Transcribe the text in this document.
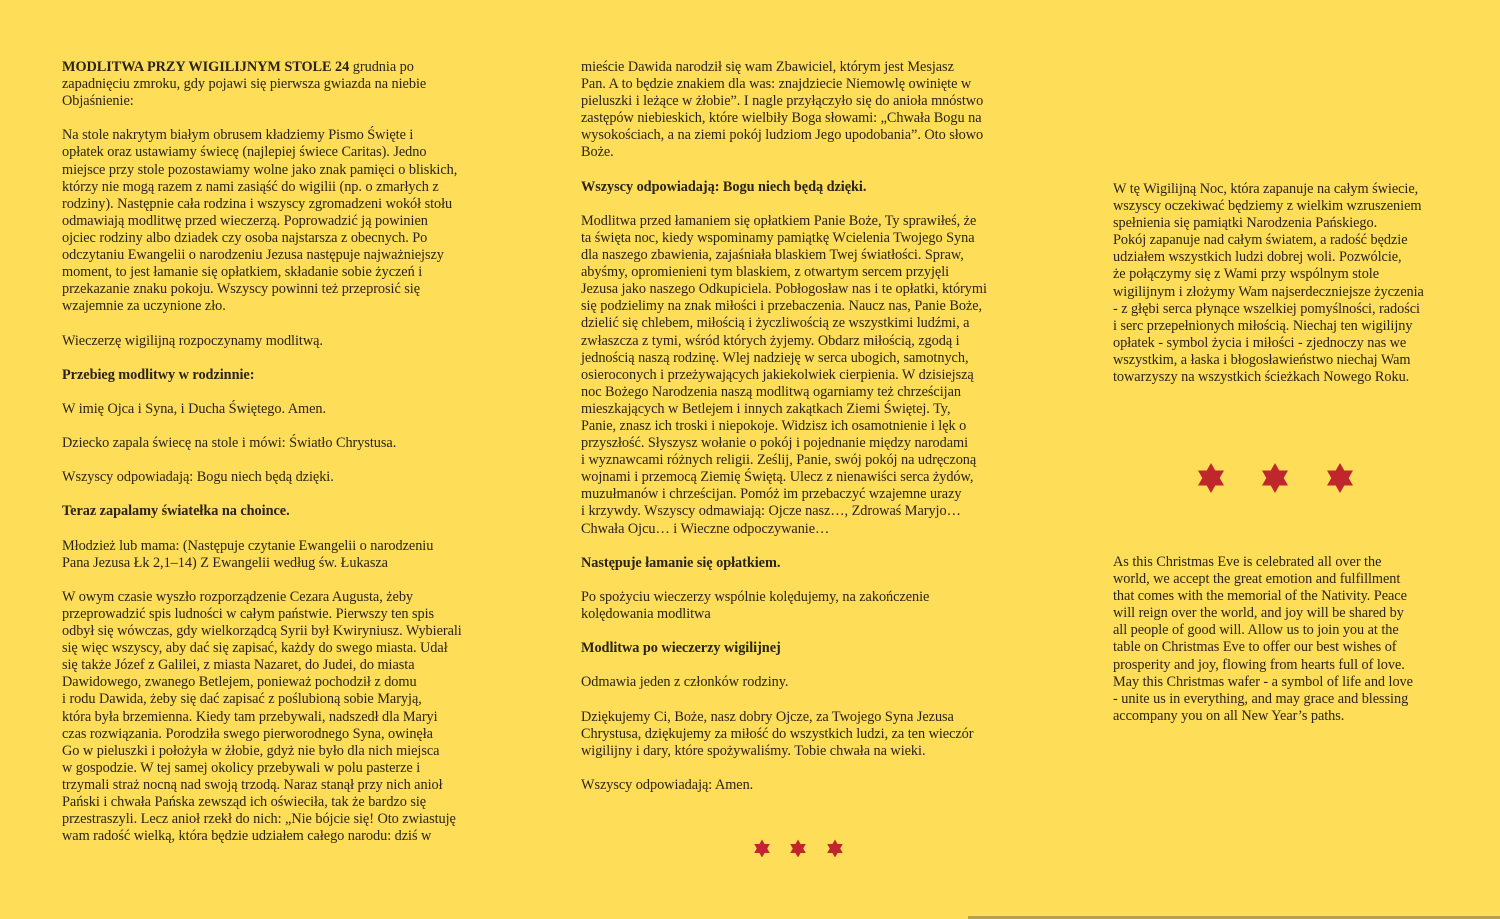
MODLITWA PRZY WIGILIJNYM STOLE 24 grudnia po
zapadnięciu zmroku, gdy pojawi się pierwsza gwiazda na niebie
Objaśnienie:

Na stole nakrytym białym obrusem kładziemy Pismo Święte i
opłatek oraz ustawiamy świecę (najlepiej świece Caritas). Jedno
miejsce przy stole pozostawiamy wolne jako znak pamięci o bliskich,
którzy nie mogą razem z nami zasiąść do wigilii (np. o zmarłych z
rodziny). Następnie cała rodzina i wszyscy zgromadzeni wokół stołu
odmawiają modlitwę przed wieczerzą. Poprowadzić ją powinien
ojciec rodziny albo dziadek czy osoba najstarsza z obecnych. Po
odczytaniu Ewangelii o narodzeniu Jezusa następuje najważniejszy
moment, to jest łamanie się opłatkiem, składanie sobie życzeń i
przekazanie znaku pokoju. Wszyscy powinni też przeprosić się
wzajemnie za uczynione zło.

Wieczerzę wigilijną rozpoczynamy modlitwą.

Przebieg modlitwy w rodzinnie:

W imię Ojca i Syna, i Ducha Świętego. Amen.

Dziecko zapala świecę na stole i mówi: Światło Chrystusa.

Wszyscy odpowiadają: Bogu niech będą dzięki.

Teraz zapalamy światełka na choince.

Młodzież lub mama: (Następuje czytanie Ewangelii o narodzeniu
Pana Jezusa Łk 2,1–14) Z Ewangelii według św. Łukasza

W owym czasie wyszło rozporządzenie Cezara Augusta, żeby
przeprowadzić spis ludności w całym państwie. Pierwszy ten spis
odbył się wówczas, gdy wielkorządcą Syrii był Kwiryniusz. Wybierali
się więc wszyscy, aby dać się zapisać, każdy do swego miasta. Udał
się także Józef z Galilei, z miasta Nazaret, do Judei, do miasta
Dawidowego, zwanego Betlejem, ponieważ pochodził z domu
i rodu Dawida, żeby się dać zapisać z poślubioną sobie Maryją,
która była brzemienna. Kiedy tam przebywali, nadszedł dla Maryi
czas rozwiązania. Porodziła swego pierworodnego Syna, owinęła
Go w pieluszki i położyła w żłobie, gdyż nie było dla nich miejsca
w gospodzie. W tej samej okolicy przebywali w polu pasterze i
trzymali straż nocną nad swoją trzodą. Naraz stanął przy nich anioł
Pański i chwała Pańska zewsząd ich oświeciła, tak że bardzo się
przestraszyli. Lecz anioł rzekł do nich: „Nie bójcie się! Oto zwiastuję
wam radość wielką, która będzie udziałem całego narodu: dziś w

mieście Dawida narodził się wam Zbawiciel, którym jest Mesjasz
Pan. A to będzie znakiem dla was: znajdziecie Niemowlę owinięte w
pieluszki i leżące w żłobie”. I nagle przyłączyło się do anioła mnóstwo
zastępów niebieskich, które wielbiły Boga słowami: „Chwała Bogu na
wysokościach, a na ziemi pokój ludziom Jego upodobania”. Oto słowo
Boże.

Wszyscy odpowiadają: Bogu niech będą dzięki.

Modlitwa przed łamaniem się opłatkiem Panie Boże, Ty sprawiłeś, że
ta święta noc, kiedy wspominamy pamiątkę Wcielenia Twojego Syna
dla naszego zbawienia, zajaśniała blaskiem Twej światłości. Spraw,
abyśmy, opromienieni tym blaskiem, z otwartym sercem przyjęli
Jezusa jako naszego Odkupiciela. Pobłogosław nas i te opłatki, którymi
się podzielimy na znak miłości i przebaczenia. Naucz nas, Panie Boże,
dzielić się chlebem, miłością i życzliwością ze wszystkimi ludźmi, a
zwłaszcza z tymi, wśród których żyjemy. Obdarz miłością, zgodą i
jednością naszą rodzinę. Wlej nadzieję w serca ubogich, samotnych,
osieroconych i przeżywających jakiekolwiek cierpienia. W dzisiejszą
noc Bożego Narodzenia naszą modlitwą ogarniamy też chrześcijan
mieszkających w Betlejem i innych zakątkach Ziemi Świętej. Ty,
Panie, znasz ich troski i niepokoje. Widzisz ich osamotnienie i lęk o
przyszłość. Słyszysz wołanie o pokój i pojednanie między narodami
i wyznawcami różnych religii. Ześlij, Panie, swój pokój na udręczoną
wojnami i przemocą Ziemię Świętą. Ulecz z nienawiści serca żydów,
muzułmanów i chrześcijan. Pomóż im przebaczyć wzajemne urazy
i krzywdy. Wszyscy odmawiają: Ojcze nasz…, Zdrowaś Maryjo…
Chwała Ojcu… i Wieczne odpoczywanie…

Następuje łamanie się opłatkiem.

Po spożyciu wieczerzy wspólnie kolędujemy, na zakończenie
kolędowania modlitwa

Modlitwa po wieczerzy wigilijnej

Odmawia jeden z członków rodziny.

Dziękujemy Ci, Boże, nasz dobry Ojcze, za Twojego Syna Jezusa
Chrystusa, dziękujemy za miłość do wszystkich ludzi, za ten wieczór
wigilijny i dary, które spożywaliśmy. Tobie chwała na wieki.

Wszyscy odpowiadają: Amen.

W tę Wigilijną Noc, która zapanuje na całym świecie,
wszyscy oczekiwać będziemy z wielkim wzruszeniem
spełnienia się pamiątki Narodzenia Pańskiego.
Pokój zapanuje nad całym światem, a radość będzie
udziałem wszystkich ludzi dobrej woli. Pozwólcie,
że połączymy się z Wami przy wspólnym stole
wigilijnym i złożymy Wam najserdeczniejsze życzenia
- z głębi serca płynące wszelkiej pomyślności, radości
i serc przepełnionych miłością. Niechaj ten wigilijny
opłatek - symbol życia i miłości - zjednoczy nas we
wszystkim, a łaska i błogosławieństwo niechaj Wam
towarzyszy na wszystkich ścieżkach Nowego Roku.

As this Christmas Eve is celebrated all over the
world, we accept the great emotion and fulfillment
that comes with the memorial of the Nativity. Peace
will reign over the world, and joy will be shared by
all people of good will. Allow us to join you at the
table on Christmas Eve to offer our best wishes of
prosperity and joy, flowing from hearts full of love.
May this Christmas wafer - a symbol of life and love
- unite us in everything, and may grace and blessing
accompany you on all New Year’s paths.
